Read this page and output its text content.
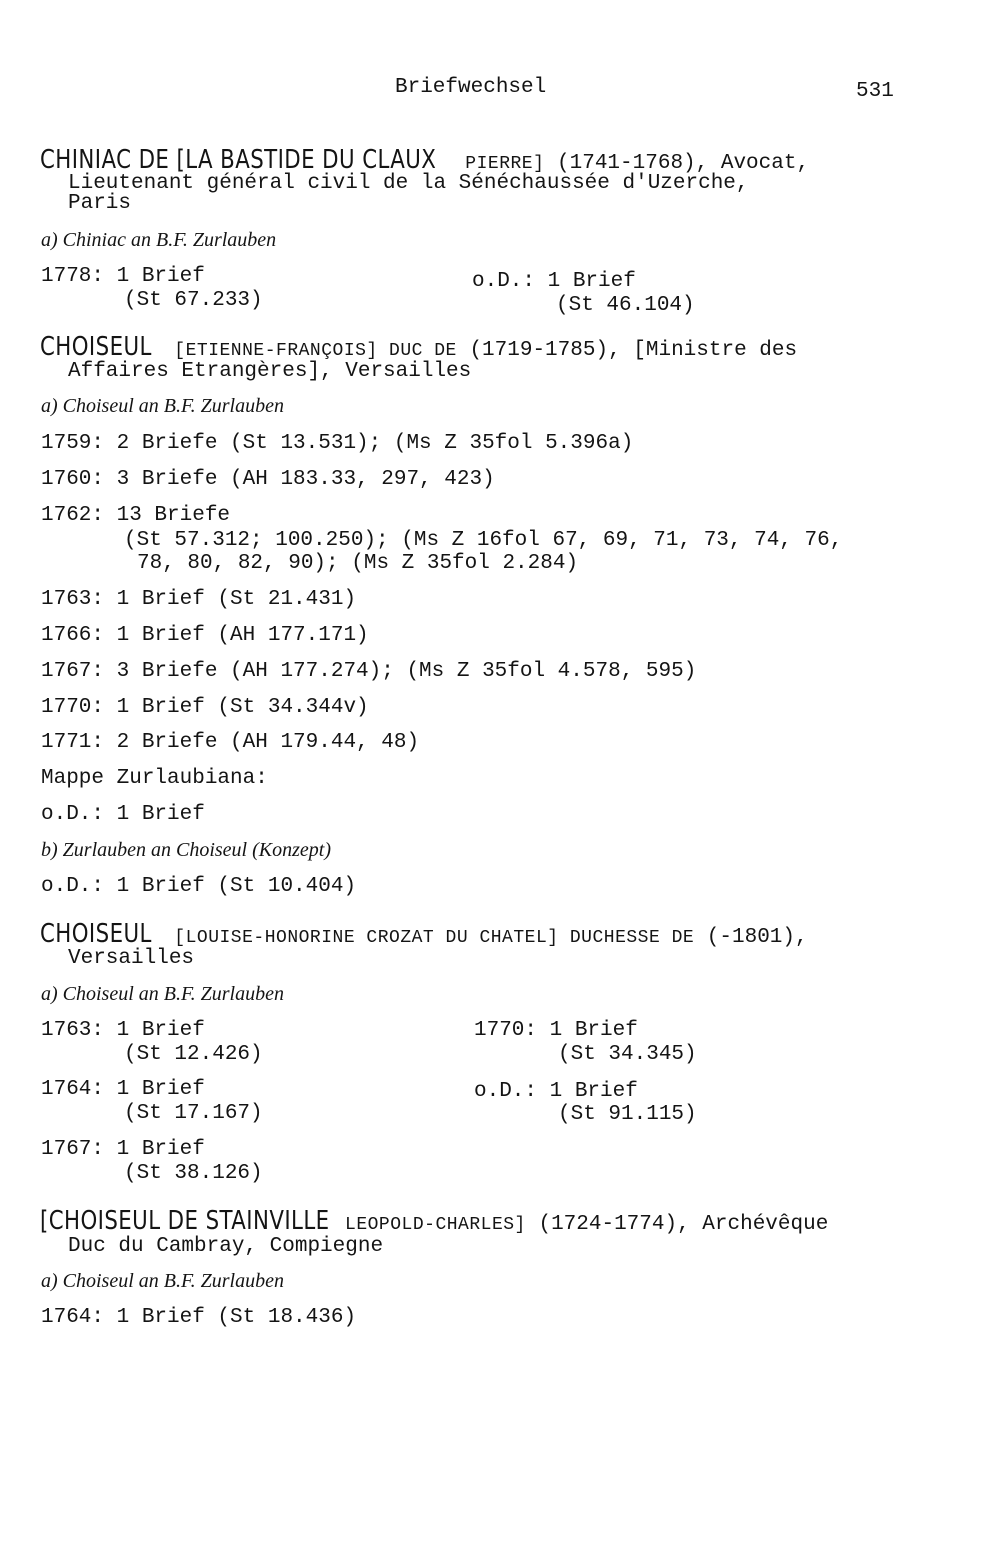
Briefwechsel	531
CHINIAC DE [LA BASTIDE DU CLAUX PIERRE] (1741-1768), Avocat,
Lieutenant général civil de la Sénéchaussée d'Uzerche,
Paris
a) Chiniac an B.F. Zurlauben
1778: 1 Brief
(St 67.233)
o.D.: 1 Brief
(St 46.104)
CHOISEUL [ETIENNE-FRANÇOIS] DUC DE (1719-1785), [Ministre des
Affaires Etrangères], Versailles
a) Choiseul an B.F. Zurlauben
1759: 2 Briefe (St 13.531); (Ms Z 35fol 5.396a)
1760: 3 Briefe (AH 183.33, 297, 423)
1762: 13 Briefe
(St 57.312; 100.250); (Ms Z 16fol 67, 69, 71, 73, 74, 76,
78, 80, 82, 90); (Ms Z 35fol 2.284)
1763: 1 Brief (St 21.431)
1766: 1 Brief (AH 177.171)
1767: 3 Briefe (AH 177.274); (Ms Z 35fol 4.578, 595)
1770: 1 Brief (St 34.344v)
1771: 2 Briefe (AH 179.44, 48)
Mappe Zurlaubiana:
o.D.: 1 Brief
b) Zurlauben an Choiseul (Konzept)
o.D.: 1 Brief (St 10.404)
CHOISEUL [LOUISE-HONORINE CROZAT DU CHATEL] DUCHESSE DE (-1801),
Versailles
a) Choiseul an B.F. Zurlauben
1763: 1 Brief
(St 12.426)
1770: 1 Brief
(St 34.345)
1764: 1 Brief
(St 17.167)
o.D.: 1 Brief
(St 91.115)
1767: 1 Brief
(St 38.126)
[CHOISEUL DE STAINVILLE LEOPOLD-CHARLES] (1724-1774), Archévêque
Duc du Cambray, Compiegne
a) Choiseul an B.F. Zurlauben
1764: 1 Brief (St 18.436)
